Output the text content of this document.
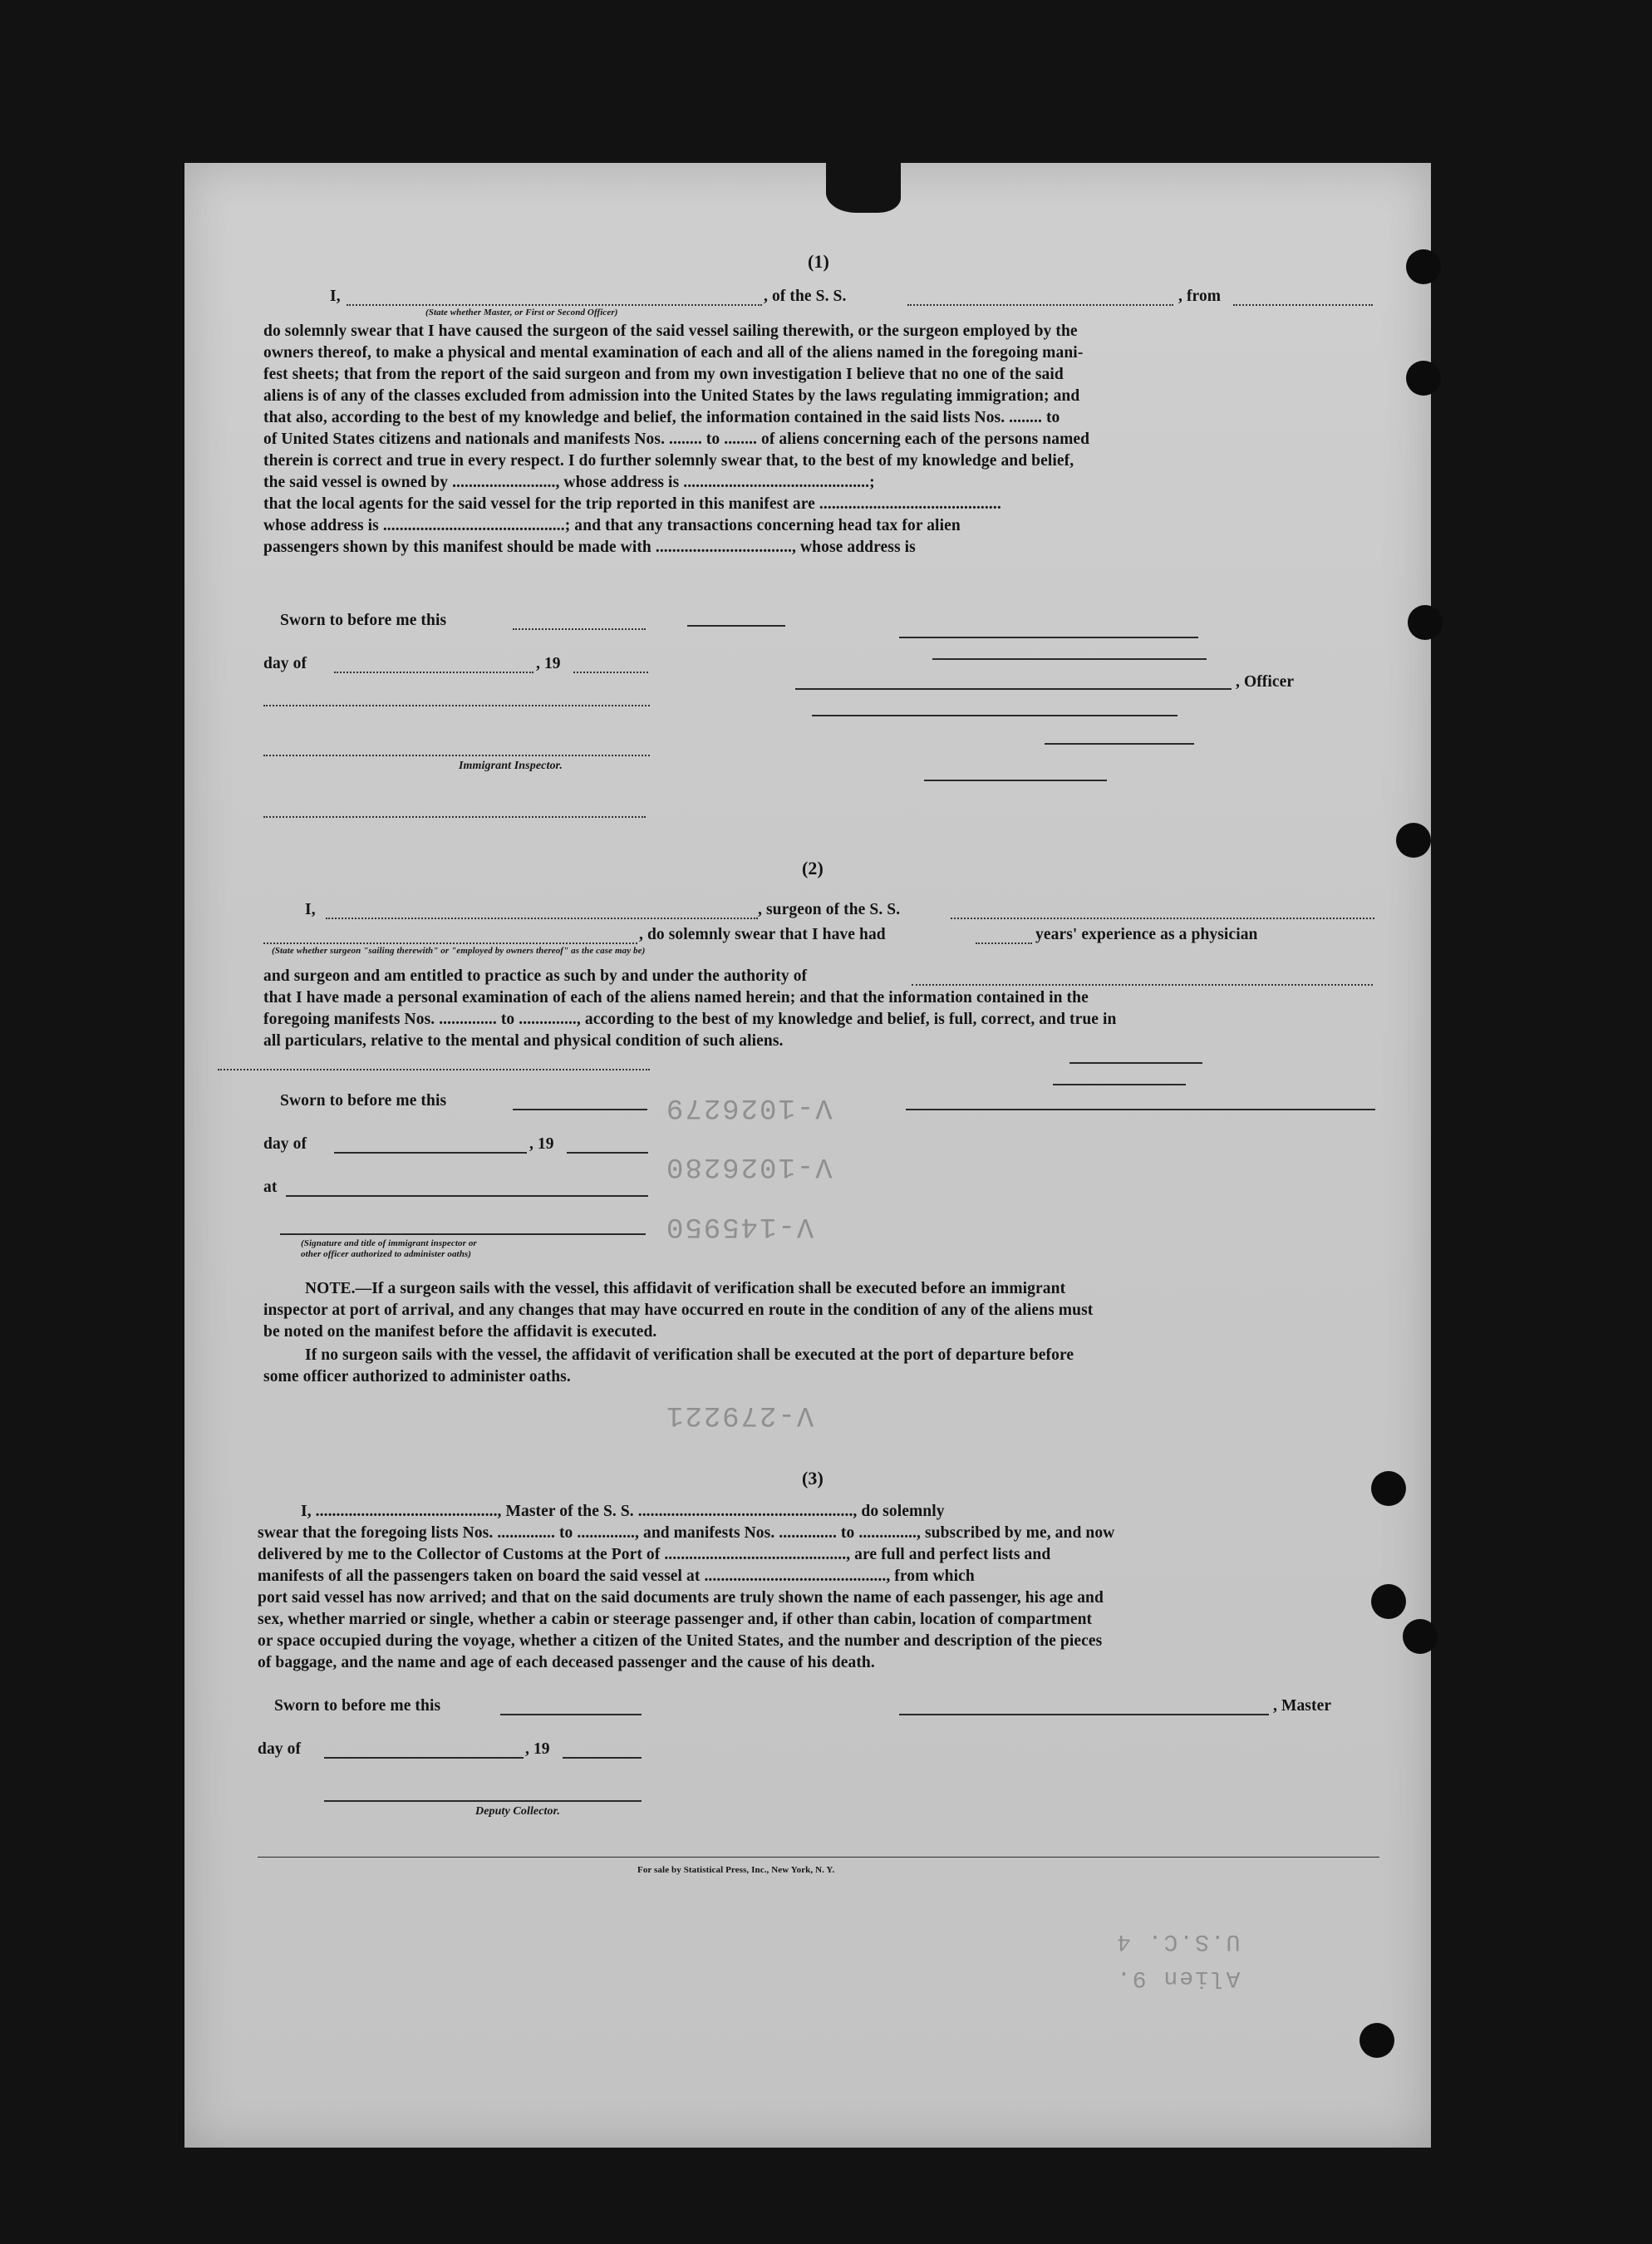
V-1026279
V-1026280
V-145950
V-279221
U.S.C. 4
Alien 9.
(1)
I,
(State whether Master, or First or Second Officer)
, of the S. S.	, from
do solemnly swear that I have caused the surgeon of the said vessel sailing therewith, or the surgeon employed by the
owners thereof, to make a physical and mental examination of each and all of the aliens named in the foregoing mani-
fest sheets; that from the report of the said surgeon and from my own investigation I believe that no one of the said
aliens is of any of the classes excluded from admission into the United States by the laws regulating immigration; and
that also, according to the best of my knowledge and belief, the information contained in the said lists Nos. ........ to
of United States citizens and nationals and manifests Nos. ........ to ........ of aliens concerning each of the persons named
therein is correct and true in every respect. I do further solemnly swear that, to the best of my knowledge and belief,
the said vessel is owned by ........................., whose address is .............................................;
that the local agents for the said vessel for the trip reported in this manifest are ............................................
whose address is ............................................; and that any transactions concerning head tax for alien
passengers shown by this manifest should be made with ................................., whose address is
Sworn to before me this
day of	, 19
, Officer
Immigrant Inspector.
(2)
I,	, surgeon of the S. S.
, do solemnly swear that I have had	years' experience as a physician
(State whether surgeon "sailing therewith" or "employed by owners thereof" as the case may be)
and surgeon and am entitled to practice as such by and under the authority of
that I have made a personal examination of each of the aliens named herein; and that the information contained in the
foregoing manifests Nos. .............. to .............., according to the best of my knowledge and belief, is full, correct, and true in
all particulars, relative to the mental and physical condition of such aliens.
Sworn to before me this
day of	, 19
at
(Signature and title of immigrant inspector or
other officer authorized to administer oaths)
NOTE.—If a surgeon sails with the vessel, this affidavit of verification shall be executed before an immigrant
inspector at port of arrival, and any changes that may have occurred en route in the condition of any of the aliens must
be noted on the manifest before the affidavit is executed.
If no surgeon sails with the vessel, the affidavit of verification shall be executed at the port of departure before
some officer authorized to administer oaths.
(3)
I, ............................................, Master of the S. S. ...................................................., do solemnly
swear that the foregoing lists Nos. .............. to .............., and manifests Nos. .............. to .............., subscribed by me, and now
delivered by me to the Collector of Customs at the Port of ............................................, are full and perfect lists and
manifests of all the passengers taken on board the said vessel at ............................................, from which
port said vessel has now arrived; and that on the said documents are truly shown the name of each passenger, his age and
sex, whether married or single, whether a cabin or steerage passenger and, if other than cabin, location of compartment
or space occupied during the voyage, whether a citizen of the United States, and the number and description of the pieces
of baggage, and the name and age of each deceased passenger and the cause of his death.
Sworn to before me this	, Master
day of	, 19
Deputy Collector.
For sale by Statistical Press, Inc., New York, N. Y.
